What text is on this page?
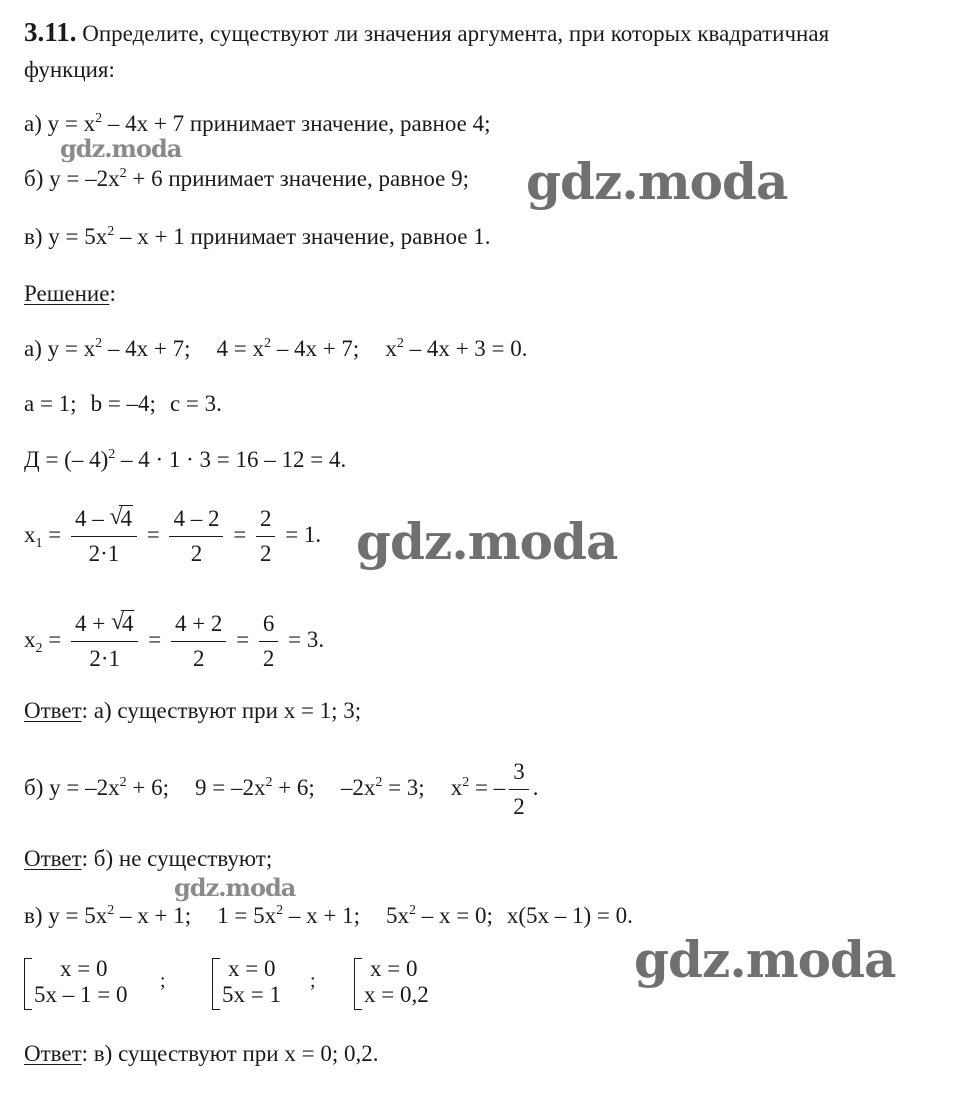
3.11. Определите, существуют ли значения аргумента, при которых квадратичная
функция:
а) $y = x^2 - 4x + 7$ принимает значение, равное 4;
б) $y = -2x^2 + 6$ принимает значение, равное 9;
в) $y = 5x^2 - x + 1$ принимает значение, равное 1.
Решение:
а) $y = x^2 - 4x + 7$; $4 = x^2 - 4x + 7$; $x^2 - 4x + 3 = 0$.
a = 1; b = –4; c = 3.
Д = (– 4)$^2$ – 4 · 1 · 3 = 16 – 12 = 4.
$x_1 = 4$ – √
4
$2\cdot 1 = \frac{4 - 2}{2} = \frac{2}{2} = 1$.
$x_2 = 4$ + √
4
$2\cdot 1 = \frac{4 + 2}{2} = \frac{6}{2} = 3$.
Ответ: а) существуют при x = 1; 3;
б) $y = -2x^2 + 6$; $9 = -2x^2 + 6$; $-2x^2 = 3$; $x^2$ = – $\frac{3}{2}$ .
Ответ: б) не существуют;
в) $y = 5x^2 - x + 1$; $1 = 5x^2 - x + 1$; $5x^2 - x = 0$; x(5x – 1) = 0.
x = 0
5x – 1 = 0
;	x = 0
5x = 1
; x = 0
x = 0,2
Ответ: в) существуют при x = 0; 0,2.
gdz.moda
gdz.moda
gdz.moda
gdz.moda
gdz.moda
